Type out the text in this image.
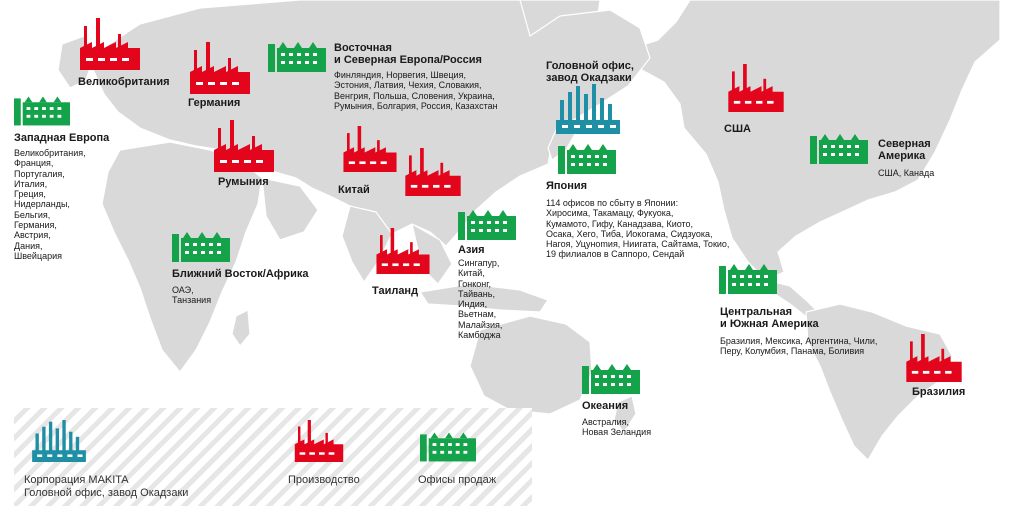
Великобритания
Германия
Румыния
Китай
Таиланд
США
Бразилия
Головной офис,
завод Окадзаки
Восточная
и Северная Европа/Россия
Финляндия, Норвегия, Швеция,
Эстония, Латвия, Чехия, Словакия,
Венгрия, Польша, Словения, Украина,
Румыния, Болгария, Россия, Казахстан
Западная Европа
Великобритания,
Франция,
Португалия,
Италия,
Греция,
Нидерланды,
Бельгия,
Германия,
Австрия,
Дания,
Швейцария
Ближний Восток/Африка
ОАЭ,
Танзания
Азия
Сингапур,
Китай,
Гонконг,
Тайвань,
Индия,
Вьетнам,
Малайзия,
Камбоджа
Япония
114 офисов по сбыту в Японии:
Хиросима, Такамацу, Фукуока,
Кумамото, Гифу, Канадзава, Киото,
Осака, Хего, Тиба, Иокогама, Сидзуока,
Нагоя, Уцунomия, Ниигата, Сайтама, Токио,
19 филиалов в Саппоро, Сендай
Северная
Америка
США, Канада
Центральная
и Южная Америка
Бразилия, Мексика, Аргентина, Чили,
Перу, Колумбия, Панама, Боливия
Океания
Австралия,
Новая Зеландия
Корпорация MAKITA
Головной офис, завод Окадзаки
Производство	Офисы продаж
